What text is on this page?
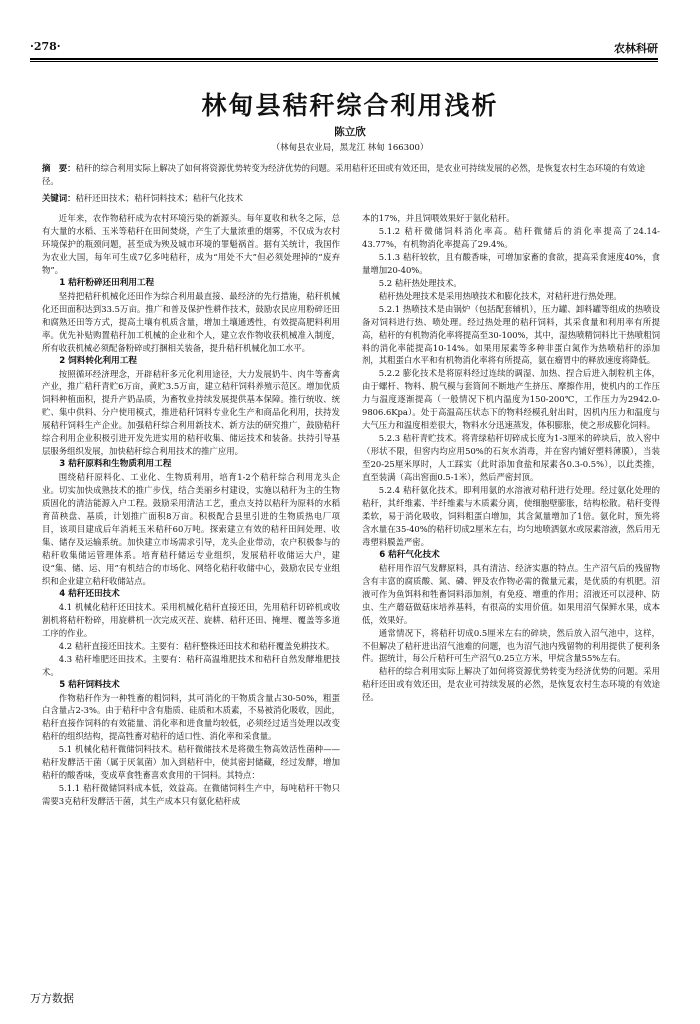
·278·	农林科研
林甸县秸秆综合利用浅析
陈立欣
（林甸县农业局，黑龙江 林甸 166300）
摘　要：秸秆的综合利用实际上解决了如何将资源优势转变为经济优势的问题。采用秸秆还田或有效还田，是农业可持续发展的必然，是恢复农村生态环境的有效途径。
关键词：秸秆还田技术；秸秆饲料技术；秸秆气化技术

近年来，农作物秸秆成为农村环境污染的新源头。每年夏收和秋冬之际，总有大量的水稻、玉米等秸秆在田间焚烧，产生了大量浓重的烟雾，不仅成为农村环境保护的瓶颈问题，甚至成为殃及城市环境的罪魁祸首。据有关统计，我国作为农业大国，每年可生成7亿多吨秸秆，成为“用处不大”但必须处理掉的“废弃物”。

1 秸秆粉碎还田利用工程

坚持把秸秆机械化还田作为综合利用最直接、最经济的先行措施，秸秆机械化还田面积达到33.5万亩。推广和普及保护性耕作技术，鼓励农民应用粉碎还田和腐熟还田等方式，提高土壤有机质含量，增加土壤通透性，有效提高肥料利用率。优先补贴购置秸秆加工机械的企业和个人，建立农作物收获机械准入制度，所有收获机械必须配备粉碎或打捆相关装备，提升秸秆机械化加工水平。

2 饲料转化利用工程

按照循环经济理念，开辟秸秆多元化利用途径，大力发展奶牛、肉牛等畜禽产业，推广秸秆青贮6万亩，黄贮3.5万亩，建立秸秆饲料养殖示范区。增加优质饲料种植面积，提升产奶品质，为畜牧业持续发展提供基本保障。推行统收、统贮、集中供料、分户使用模式，推进秸秆饲料专业化生产和商品化利用，扶持发展秸秆饲料生产企业。加强秸秆综合利用新技术、新方法的研究推广，鼓励秸秆综合利用企业积极引进开发先进实用的秸秆收集、储运技术和装备。扶持引导基层服务组织发展，加快秸秆综合利用技术的推广应用。

3 秸秆原料和生物质利用工程

围绕秸秆原料化、工业化、生物质利用，培育1-2个秸秆综合利用龙头企业。切实加快成熟技术的推广步伐，结合美丽乡村建设，实施以秸秆为主的生物质固化的清洁能源入户工程。鼓励采用清洁工艺，重点支持以秸秆为原料的水稻育苗秧盘、基质，计划推广面积8万亩。积极配合县里引进的生物质热电厂项目，该项目建成后年消耗玉米秸秆60万吨。探索建立有效的秸秆田间处理、收集、储存及运输系统。加快建立市场需求引导，龙头企业带动，农户积极参与的秸秆收集储运管理体系。培育秸秆储运专业组织，发展秸秆收储运大户，建设“集、储、运、用”有机结合的市场化、网络化秸秆收储中心，鼓励农民专业组织和企业建立秸秆收储站点。

4 秸秆还田技术

4.1 机械化秸秆还田技术。采用机械化秸秆直接还田，先用秸秆切碎机或收割机将秸秆粉碎，用旋耕机一次完成灭茬、旋耕、秸秆还田、掩埋、覆盖等多道工序的作业。

4.2 秸秆直接还田技术。主要有：秸秆整株还田技术和秸秆覆盖免耕技术。

4.3 秸秆堆肥还田技术。主要有：秸秆高温堆肥技术和秸秆自然发酵堆肥技术。

5 秸秆饲料技术

作物秸秆作为一种牲畜的粗饲料，其可消化的干物质含量占30-50%，粗蛋白含量占2-3%。由于秸秆中含有脂质、硅质和木质素，不易被消化吸收，因此，秸秆直接作饲料的有效能量、消化率和进食量均较低，必须经过适当处理以改变秸秆的组织结构，提高牲畜对秸秆的适口性、消化率和采食量。

5.1 机械化秸秆微储饲料技术。秸秆微储技术是将微生物高效活性菌种——秸秆发酵活干菌（属于厌氧菌）加入到秸秆中，使其密封储藏，经过发酵，增加秸秆的酸香味，变成草食牲畜喜欢食用的干饲料。其特点：

5.1.1 秸秆微储饲料成本低，效益高。在微储饲料生产中，每吨秸秆干物只需要3克秸秆发酵活干菌，其生产成本只有氨化秸秆成

本的17%，并且饲喂效果好于氨化秸秆。

5.1.2 秸秆微储饲料消化率高。秸秆微储后的消化率提高了24.14-43.77%，有机物消化率提高了29.4%。

5.1.3 秸秆较软，且有酸香味，可增加家畜的食欲，提高采食速度40%，食量增加20-40%。

5.2 秸秆热处理技术。

秸秆热处理技术是采用热喷技术和膨化技术，对秸秆进行热处理。

5.2.1 热喷技术是由锅炉（包括配套辅机），压力罐、卸料罐等组成的热喷设备对饲料进行热、喷处理。经过热处理的秸秆饲料，其采食量和利用率有所提高，秸秆的有机物消化率将提高至30-100%，其中，湿热喷精饲料比干热喷粗饲料的消化率能提高10-14%。如果用尿素等多种非蛋白氮作为热喷秸秆的添加剂，其粗蛋白水平和有机物消化率将有所提高，氨在瘤胃中的释放速度将降低。

5.2.2 膨化技术是将原料经过连续的调湿、加热、捏合后进入制粒机主体，由于螺杆、物料、脱气模与套筒间不断地产生挤压、摩擦作用，使机内的工作压力与温度逐渐提高（一般情况下机内温度为150-200℃，工作压力为2942.0-9806.6Kpa）。处于高温高压状态下的物料经模孔射出时，因机内压力和温度与大气压力和温度相差很大，物料水分迅速蒸发，体积膨胀，使之形成膨化饲料。

5.2.3 秸秆青贮技术。将青绿秸秆切碎成长度为1-3厘米的碎块后，放入窖中（形状不限，但窖内均应用50%的石灰水消毒，并在窖内铺好塑料薄膜），当装至20-25厘米厚时，人工踩实（此时添加食盐和尿素各0.3-0.5%），以此类推，直至装满（高出窖面0.5-1米），然后严密封顶。

5.2.4 秸秆氨化技术。即利用氨的水溶液对秸秆进行处理。经过氨化处理的秸秆，其纤维素、半纤维素与木质素分离，使细胞壁膨胀，结构松散。秸秆变得柔软，易于消化吸收，饲料粗蛋白增加，其含氮量增加了1倍。氨化时，预先将含水量在35-40%的秸秆切成2厘米左右，均匀地喷洒氨水或尿素溶液，然后用无毒塑料膜盖严密。

6 秸秆气化技术

秸秆用作沼气发酵原料，具有清洁、经济实惠的特点。生产沼气后的残留物含有丰富的腐质酸、氮、磷、钾及农作物必需的微量元素，是优质的有机肥。沼液可作为鱼饵料和牲畜饲料添加剂，有免疫、增重的作用；沼液还可以浸种、防虫、生产蘑菇做菇床培养基料，有很高的实用价值。如果用沼气保鲜水果，成本低，效果好。

通常情况下，将秸秆切成0.5厘米左右的碎块，然后放入沼气池中，这样，不但解决了秸秆进出沼气池难的问题，也为沼气池内残留物的利用提供了便利条件。据统计，每公斤秸秆可生产沼气0.25立方米，甲烷含量55%左右。

秸秆的综合利用实际上解决了如何将资源优势转变为经济优势的问题。采用秸秆还田或有效还田，是农业可持续发展的必然，是恢复农村生态环境的有效途径。

万方数据
